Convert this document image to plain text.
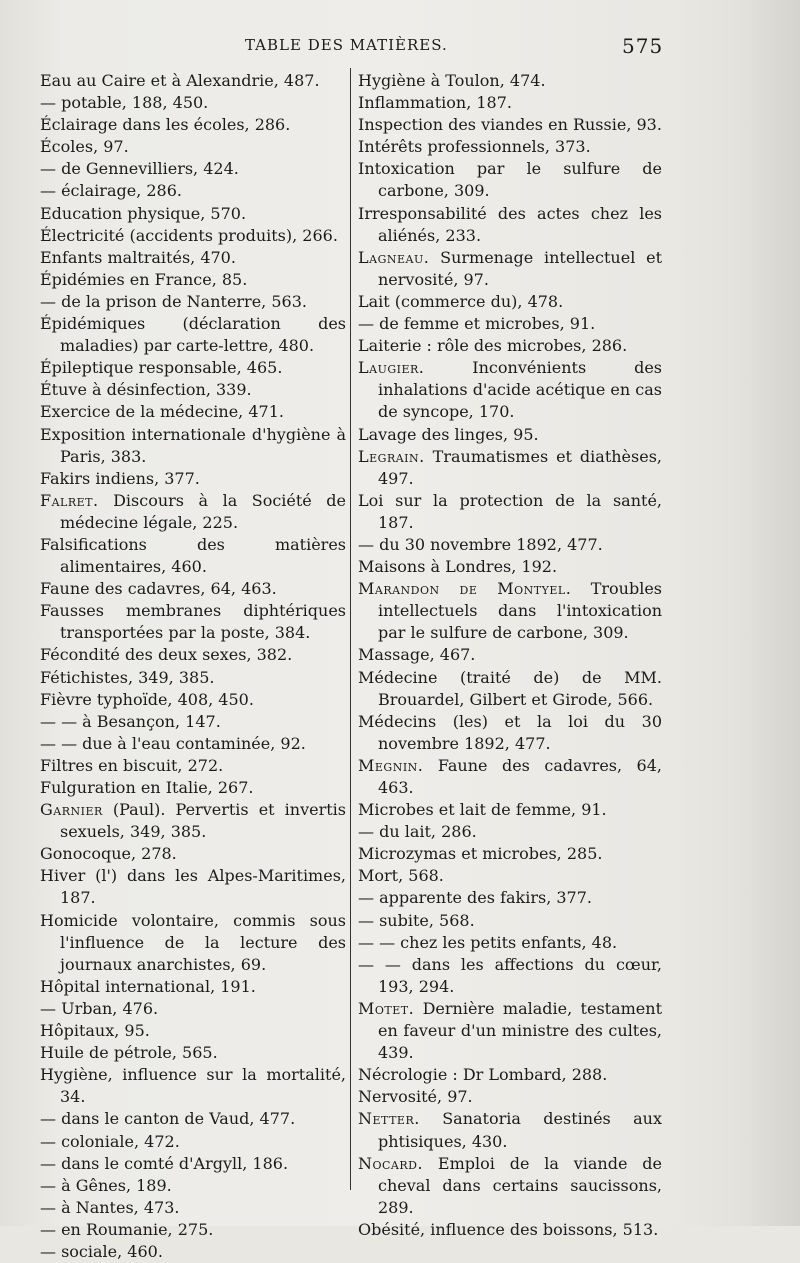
TABLE DES MATIÈRES.	575
Eau au Caire et à Alexandrie, 487.
— potable, 188, 450.
Éclairage dans les écoles, 286.
Écoles, 97.
— de Gennevilliers, 424.
— éclairage, 286.
Education physique, 570.
Électricité (accidents produits), 266.
Enfants maltraités, 470.
Épidémies en France, 85.
— de la prison de Nanterre, 563.
Épidémiques (déclaration des maladies) par carte-lettre, 480.
Épileptique responsable, 465.
Étuve à désinfection, 339.
Exercice de la médecine, 471.
Exposition internationale d'hygiène à Paris, 383.
Fakirs indiens, 377.
Falret. Discours à la Société de médecine légale, 225.
Falsifications des matières alimentaires, 460.
Faune des cadavres, 64, 463.
Fausses membranes diphtériques transportées par la poste, 384.
Fécondité des deux sexes, 382.
Fétichistes, 349, 385.
Fièvre typhoïde, 408, 450.
— — à Besançon, 147.
— — due à l'eau contaminée, 92.
Filtres en biscuit, 272.
Fulguration en Italie, 267.
Garnier (Paul). Pervertis et invertis sexuels, 349, 385.
Gonocoque, 278.
Hiver (l') dans les Alpes-Maritimes, 187.
Homicide volontaire, commis sous l'influence de la lecture des journaux anarchistes, 69.
Hôpital international, 191.
— Urban, 476.
Hôpitaux, 95.
Huile de pétrole, 565.
Hygiène, influence sur la mortalité, 34.
— dans le canton de Vaud, 477.
— coloniale, 472.
— dans le comté d'Argyll, 186.
— à Gênes, 189.
— à Nantes, 473.
— en Roumanie, 275.
— sociale, 460.
Hygiène à Toulon, 474.
Inflammation, 187.
Inspection des viandes en Russie, 93.
Intérêts professionnels, 373.
Intoxication par le sulfure de carbone, 309.
Irresponsabilité des actes chez les aliénés, 233.
Lagneau. Surmenage intellectuel et nervosité, 97.
Lait (commerce du), 478.
— de femme et microbes, 91.
Laiterie : rôle des microbes, 286.
Laugier. Inconvénients des inhalations d'acide acétique en cas de syncope, 170.
Lavage des linges, 95.
Legrain. Traumatismes et diathèses, 497.
Loi sur la protection de la santé, 187.
— du 30 novembre 1892, 477.
Maisons à Londres, 192.
Marandon de Montyel. Troubles intellectuels dans l'intoxication par le sulfure de carbone, 309.
Massage, 467.
Médecine (traité de) de MM. Brouardel, Gilbert et Girode, 566.
Médecins (les) et la loi du 30 novembre 1892, 477.
Megnin. Faune des cadavres, 64, 463.
Microbes et lait de femme, 91.
— du lait, 286.
Microzymas et microbes, 285.
Mort, 568.
— apparente des fakirs, 377.
— subite, 568.
— — chez les petits enfants, 48.
— — dans les affections du cœur, 193, 294.
Motet. Dernière maladie, testament en faveur d'un ministre des cultes, 439.
Nécrologie : Dr Lombard, 288.
Nervosité, 97.
Netter. Sanatoria destinés aux phtisiques, 430.
Nocard. Emploi de la viande de cheval dans certains saucissons, 289.
Obésité, influence des boissons, 513.
